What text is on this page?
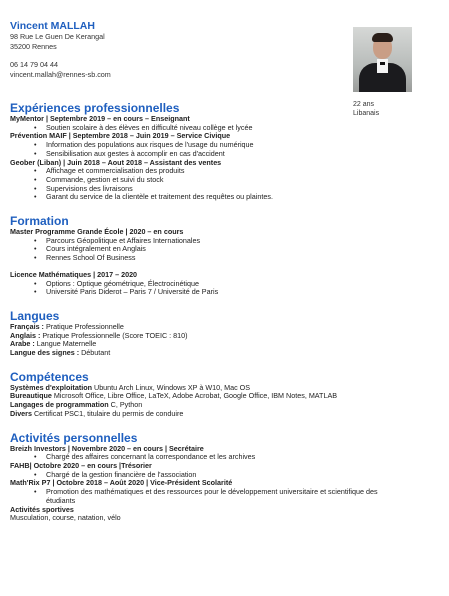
22 ans
Libanais
Vincent MALLAH
98 Rue Le Guen De Kerangal
35200 Rennes
06 14 79 04 44
vincent.mallah@rennes-sb.com
Expériences professionnelles
MyMentor | Septembre 2019 – en cours – Enseignant
• Soutien scolaire à des élèves en difficulté niveau collège et lycée
Prévention MAIF | Septembre 2018 – Juin 2019 – Service Civique
• Information des populations aux risques de l'usage du numérique
• Sensibilisation aux gestes à accomplir en cas d'accident
Geober (Liban) | Juin 2018 – Aout 2018 – Assistant des ventes
• Affichage et commercialisation des produits
• Commande, gestion et suivi du stock
• Supervisions des livraisons
• Garant du service de la clientèle et traitement des requêtes ou plaintes.
Formation
Master Programme Grande École | 2020 – en cours
• Parcours Géopolitique et Affaires Internationales
• Cours intégralement en Anglais
• Rennes School Of Business
Licence Mathématiques | 2017 – 2020
• Options : Optique géométrique, Électrocinétique
• Université Paris Diderot – Paris 7 / Université de Paris
Langues
Français : Pratique Professionnelle
Anglais : Pratique Professionnelle (Score TOEIC : 810)
Arabe : Langue Maternelle
Langue des signes : Débutant
Compétences
Systèmes d'exploitation Ubuntu Arch Linux, Windows XP à W10, Mac OS
Bureautique Microsoft Office, Libre Office, LaTeX, Adobe Acrobat, Google Office, IBM Notes, MATLAB
Langages de programmation C, Python
Divers Certificat PSC1, titulaire du permis de conduire
Activités personnelles
Breizh Investors | Novembre 2020 – en cours | Secrétaire
• Chargé des affaires concernant la correspondance et les archives
FAHB| Octobre 2020 – en cours |Trésorier
• Chargé de la gestion financière de l'association
Math'Rix P7 | Octobre 2018 – Août 2020 | Vice-Président Scolarité
• Promotion des mathématiques et des ressources pour le développement universitaire et scientifique des étudiants
Activités sportives
Musculation, course, natation, vélo
